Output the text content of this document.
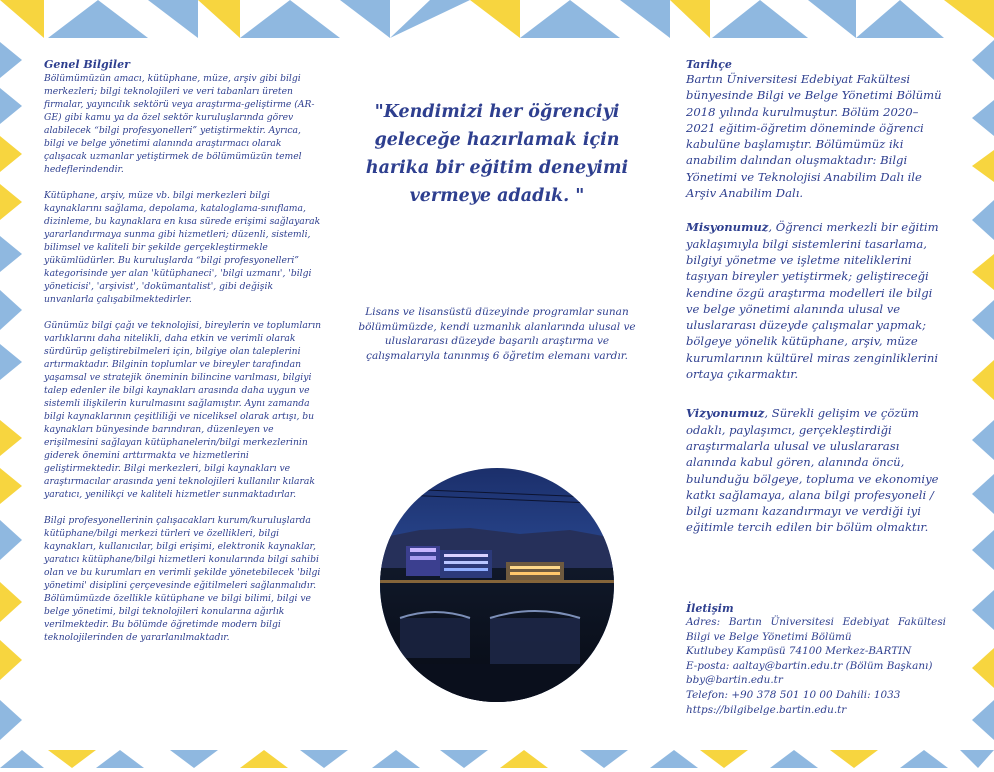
Genel Bilgiler

Bölümümüzün amacı, kütüphane, müze, arşiv gibi bilgi merkezleri; bilgi teknolojileri ve veri tabanları üreten firmalar, yayıncılık sektörü veya araştırma-geliştirme (AR-GE) gibi kamu ya da özel sektör kuruluşlarında görev alabilecek “bilgi profesyonelleri” yetiştirmektir. Ayrıca, bilgi ve belge yönetimi alanında araştırmacı olarak çalışacak uzmanlar yetiştirmek de bölümümüzün temel hedeflerindendir.

Kütüphane, arşiv, müze vb. bilgi merkezleri bilgi kaynaklarını sağlama, depolama, kataloglama-sınıflama, dizinleme, bu kaynaklara en kısa sürede erişimi sağlayarak yararlandırmaya sunma gibi hizmetleri; düzenli, sistemli, bilimsel ve kaliteli bir şekilde gerçekleştirmekle yükümlüdürler. Bu kuruluşlarda “bilgi profesyonelleri” kategorisinde yer alan 'kütüphaneci', 'bilgi uzmanı', 'bilgi yöneticisi', 'arşivist', 'dokümantalist', gibi değişik unvanlarla çalışabilmektedirler.

Günümüz bilgi çağı ve teknolojisi, bireylerin ve toplumların varlıklarını daha nitelikli, daha etkin ve verimli olarak sürdürüp geliştirebilmeleri için, bilgiye olan taleplerini artırmaktadır. Bilginin toplumlar ve bireyler tarafından yaşamsal ve stratejik öneminin bilincine varılması, bilgiyi talep edenler ile bilgi kaynakları arasında daha uygun ve sistemli ilişkilerin kurulmasını sağlamıştır. Aynı zamanda bilgi kaynaklarının çeşitliliği ve niceliksel olarak artışı, bu kaynakları bünyesinde barındıran, düzenleyen ve erişilmesini sağlayan kütüphanelerin/bilgi merkezlerinin giderek önemini arttırmakta ve hizmetlerini geliştirmektedir. Bilgi merkezleri, bilgi kaynakları ve araştırmacılar arasında yeni teknolojileri kullanılır kılarak yaratıcı, yenilikçi ve kaliteli hizmetler sunmaktadırlar.

Bilgi profesyonellerinin çalışacakları kurum/kuruluşlarda kütüphane/bilgi merkezi türleri ve özellikleri, bilgi kaynakları, kullanıcılar, bilgi erişimi, elektronik kaynaklar, yaratıcı kütüphane/bilgi hizmetleri konularında bilgi sahibi olan ve bu kurumları en verimli şekilde yönetebilecek 'bilgi yönetimi' disiplini çerçevesinde eğitilmeleri sağlanmalıdır. Bölümümüzde özellikle kütüphane ve bilgi bilimi, bilgi ve belge yönetimi, bilgi teknolojileri konularına ağırlık verilmektedir. Bu bölümde öğretimde modern bilgi teknolojilerinden de yararlanılmaktadır.

"Kendimizi her öğrenciyi geleceğe hazırlamak için harika bir eğitim deneyimi vermeye adadık. "

Lisans ve lisansüstü düzeyinde programlar sunan bölümümüzde, kendi uzmanlık alanlarında ulusal ve uluslararası düzeyde başarılı araştırma ve çalışmalarıyla tanınmış 6 öğretim elemanı vardır.

Tarihçe

Bartın Üniversitesi Edebiyat Fakültesi bünyesinde Bilgi ve Belge Yönetimi Bölümü 2018 yılında kurulmuştur. Bölüm 2020–2021 eğitim-öğretim döneminde öğrenci kabulüne başlamıştır. Bölümümüz iki anabilim dalından oluşmaktadır: Bilgi Yönetimi ve Teknolojisi Anabilim Dalı ile Arşiv Anabilim Dalı.

Misyonumuz, Öğrenci merkezli bir eğitim yaklaşımıyla bilgi sistemlerini tasarlama, bilgiyi yönetme ve işletme niteliklerini taşıyan bireyler yetiştirmek; geliştireceği kendine özgü araştırma modelleri ile bilgi ve belge yönetimi alanında ulusal ve uluslararası düzeyde çalışmalar yapmak; bölgeye yönelik kütüphane, arşiv, müze kurumlarının kültürel miras zenginliklerini ortaya çıkarmaktır.

Vizyonumuz, Sürekli gelişim ve çözüm odaklı, paylaşımcı, gerçekleştirdiği araştırmalarla ulusal ve uluslararası alanında kabul gören, alanında öncü, bulunduğu bölgeye, topluma ve ekonomiye katkı sağlamaya, alana bilgi profesyoneli / bilgi uzmanı kazandırmayı ve verdiği iyi eğitimle tercih edilen bir bölüm olmaktır.

İletişim

Adres: Bartın Üniversitesi Edebiyat Fakültesi Bilgi ve Belge Yönetimi Bölümü

Kutlubey Kampüsü 74100 Merkez-BARTIN

E-posta: aaltay@bartin.edu.tr (Bölüm Başkanı)

bby@bartin.edu.tr

Telefon: +90 378 501 10 00 Dahili: 1033

https://bilgibelge.bartin.edu.tr
